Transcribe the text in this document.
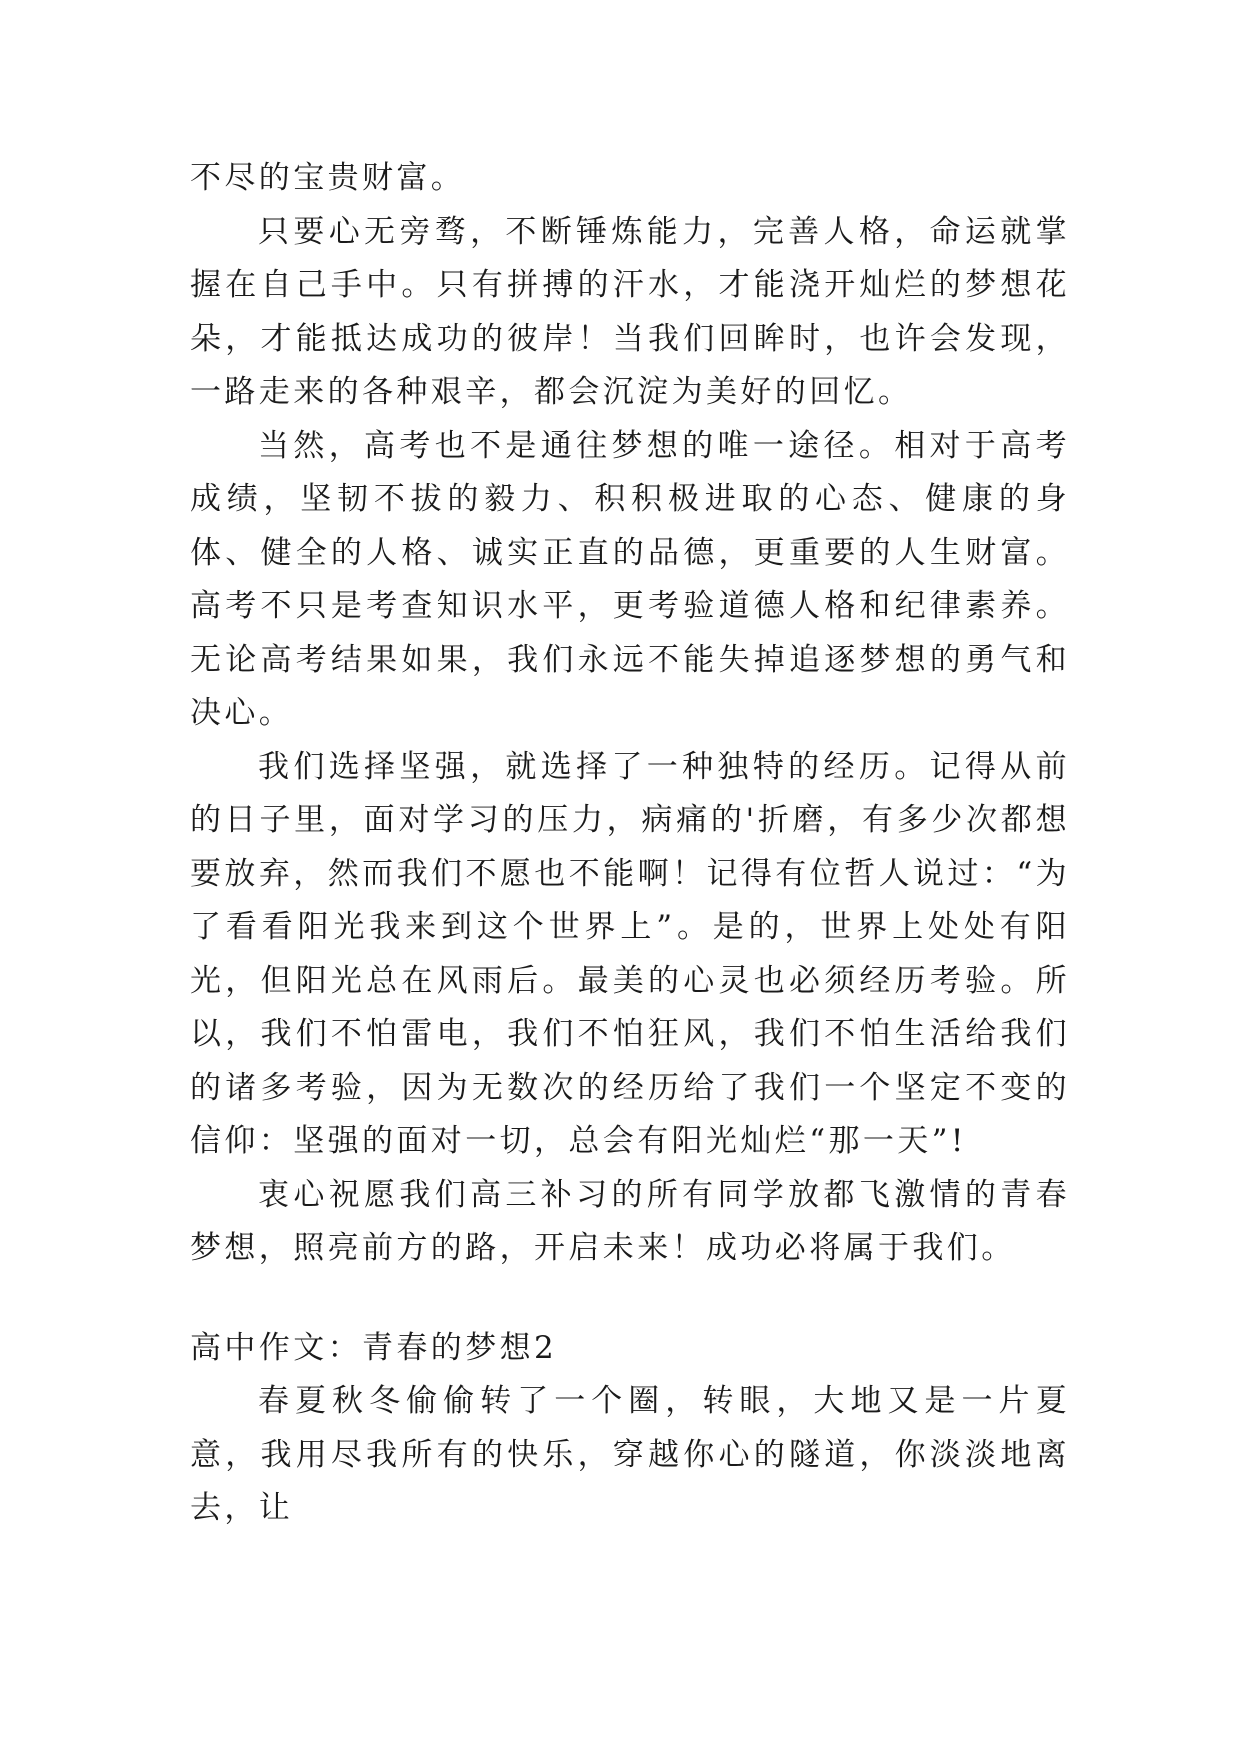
不尽的宝贵财富。

只要心无旁骛，不断锤炼能力，完善人格，命运就掌握在自己手中。只有拼搏的汗水，才能浇开灿烂的梦想花朵，才能抵达成功的彼岸！当我们回眸时，也许会发现，一路走来的各种艰辛，都会沉淀为美好的回忆。

当然，高考也不是通往梦想的唯一途径。相对于高考成绩，坚韧不拔的毅力、积积极进取的心态、健康的身体、健全的人格、诚实正直的品德，更重要的人生财富。高考不只是考查知识水平，更考验道德人格和纪律素养。无论高考结果如果，我们永远不能失掉追逐梦想的勇气和决心。

我们选择坚强，就选择了一种独特的经历。记得从前的日子里，面对学习的压力，病痛的'折磨，有多少次都想要放弃，然而我们不愿也不能啊！记得有位哲人说过：“为了看看阳光我来到这个世界上”。是的，世界上处处有阳光，但阳光总在风雨后。最美的心灵也必须经历考验。所以，我们不怕雷电，我们不怕狂风，我们不怕生活给我们的诸多考验，因为无数次的经历给了我们一个坚定不变的信仰：坚强的面对一切，总会有阳光灿烂“那一天”!

衷心祝愿我们高三补习的所有同学放都飞激情的青春梦想，照亮前方的路，开启未来！成功必将属于我们。

高中作文：青春的梦想2

春夏秋冬偷偷转了一个圈，转眼，大地又是一片夏意，我用尽我所有的快乐，穿越你心的隧道，你淡淡地离去，让
